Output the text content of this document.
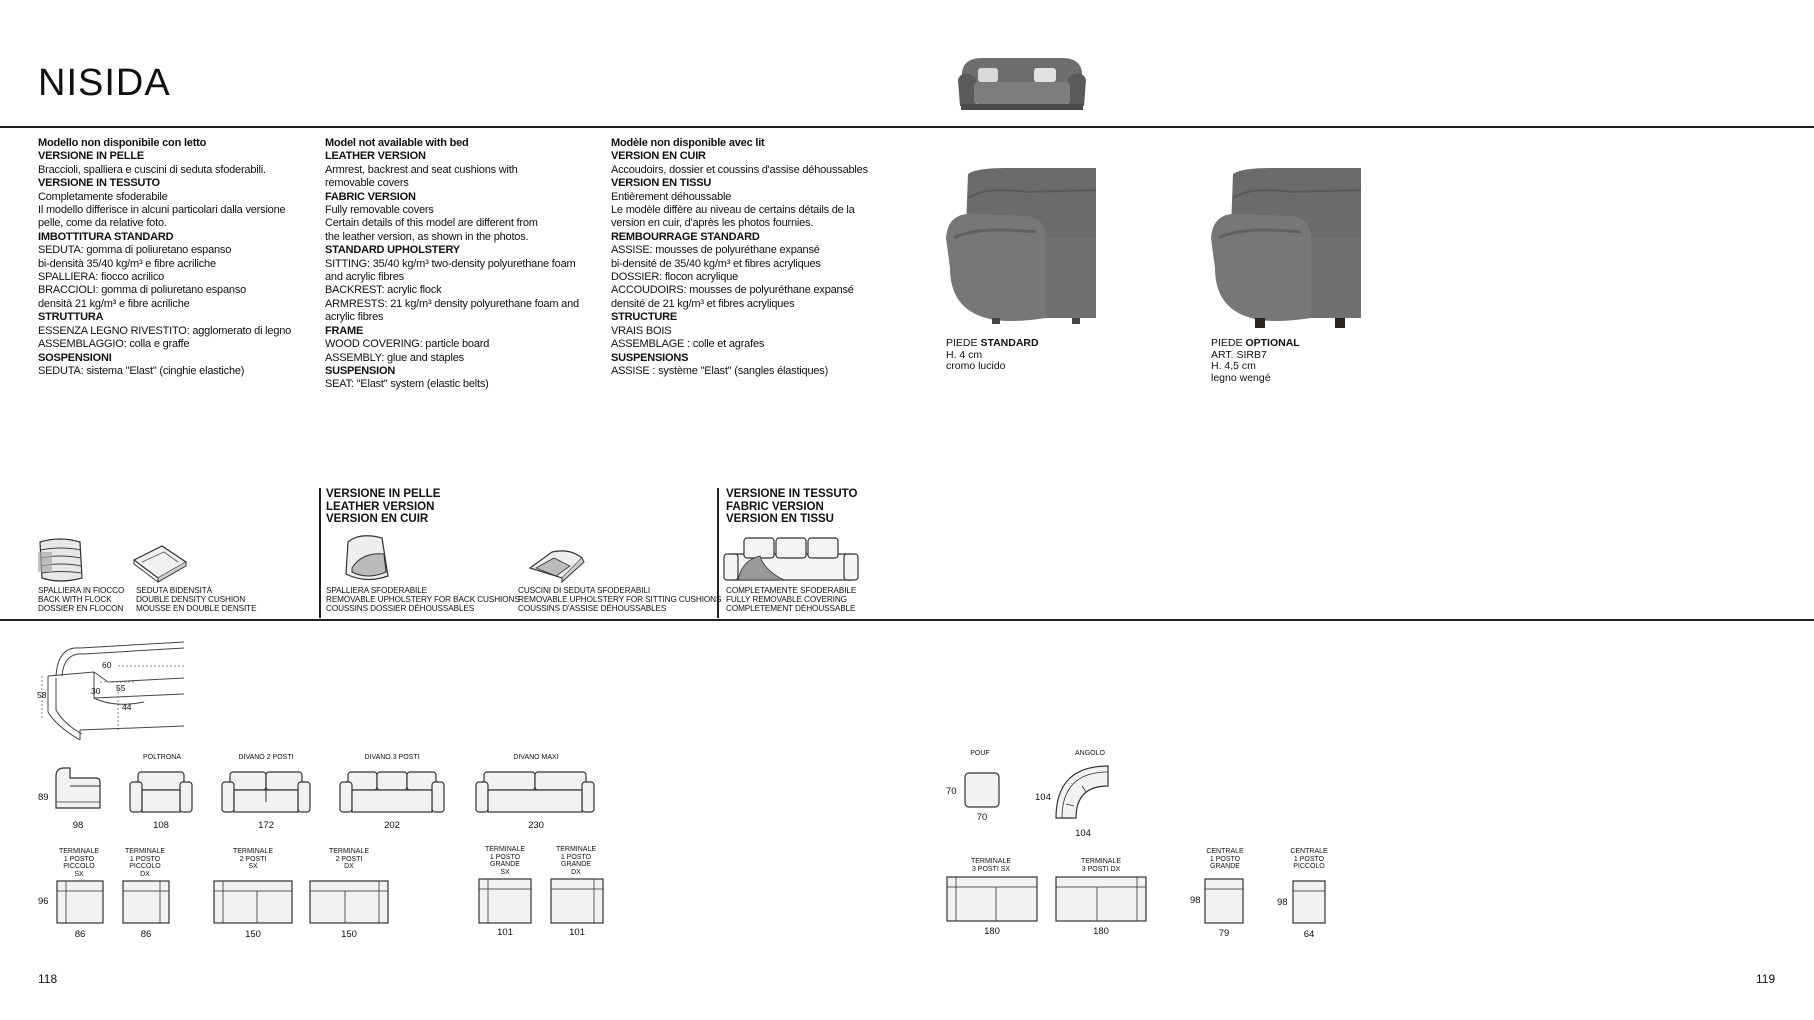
NISIDA

Modello non disponibile con letto

VERSIONE IN PELLE

Braccioli, spalliera e cuscini di seduta sfoderabili.

VERSIONE IN TESSUTO

Completamente sfoderabile
Il modello differisce in alcuni particolari dalla versione
pelle, come da relative foto.

IMBOTTITURA STANDARD

SEDUTA: gomma di poliuretano espanso
bi-densità 35/40 kg/m³ e fibre acriliche
SPALLIERA: fiocco acrilico
BRACCIOLI: gomma di poliuretano espanso
densità 21 kg/m³ e fibre acriliche

STRUTTURA

ESSENZA LEGNO RIVESTITO: agglomerato di legno
ASSEMBLAGGIO: colla e graffe

SOSPENSIONI

SEDUTA: sistema "Elast" (cinghie elastiche)

Model not available with bed

LEATHER VERSION

Armrest, backrest and seat cushions with
removable covers

FABRIC VERSION

Fully removable covers
Certain details of this model are different from
the leather version, as shown in the photos.

STANDARD UPHOLSTERY

SITTING: 35/40 kg/m³ two-density polyurethane foam
and acrylic fibres
BACKREST: acrylic flock
ARMRESTS: 21 kg/m³ density polyurethane foam and
acrylic fibres

FRAME

WOOD COVERING: particle board
ASSEMBLY: glue and staples

SUSPENSION

SEAT: "Elast" system (elastic belts)

Modèle non disponible avec lit

VERSION EN CUIR

Accoudoirs, dossier et coussins d'assise déhoussables

VERSION EN TISSU

Entièrement déhoussable
Le modèle diffère au niveau de certains détails de la
version en cuir, d'après les photos fournies.

REMBOURRAGE STANDARD

ASSISE: mousses de polyuréthane expansé
bi-densité de 35/40 kg/m³ et fibres acryliques
DOSSIER: flocon acrylique
ACCOUDOIRS: mousses de polyuréthane expansé
densité de 21 kg/m³ et fibres acryliques

STRUCTURE

VRAIS BOIS
ASSEMBLAGE : colle et agrafes

SUSPENSIONS

ASSISE : système "Elast" (sangles élastiques)

PIEDE STANDARD
H. 4 cm
cromo lucido
PIEDE OPTIONAL
ART. SIRB7
H. 4,5 cm
legno wengé
VERSIONE IN PELLE
LEATHER VERSION
VERSION EN CUIR
VERSIONE IN TESSUTO
FABRIC VERSION
VERSION EN TISSU
SPALLIERA IN FIOCCO
BACK WITH FLOCK
DOSSIER EN FLOCON
SEDUTA BIDENSITÀ
DOUBLE DENSITY CUSHION
MOUSSE EN DOUBLE DENSITE
SPALLIERA SFODERABILE
REMOVABLE UPHOLSTERY FOR BACK CUSHIONS
COUSSINS DOSSIER DÉHOUSSABLES
CUSCINI DI SEDUTA SFODERABILI
REMOVABLE UPHOLSTERY FOR SITTING CUSHIONS
COUSSINS D'ASSISE DÉHOUSSABLES
COMPLETAMENTE SFODERABILE
FULLY REMOVABLE COVERING
COMPLETEMENT DÉHOUSSABLE
60
58	30 55
44
89
98
POLTRONA
108
DIVANO 2 POSTI
172
DIVANO 3 POSTI
202
DIVANO MAXI
230
POUF
70
70
ANGOLO
104
104
TERMINALE
1 POSTO
PICCOLO
SX
TERMINALE
1 POSTO
PICCOLO
DX
TERMINALE
2 POSTI
SX
TERMINALE
2 POSTI
DX
TERMINALE
1 POSTO
GRANDE
SX
TERMINALE
1 POSTO
GRANDE
DX
TERMINALE
3 POSTI SX
TERMINALE
3 POSTI DX
CENTRALE
1 POSTO
GRANDE
CENTRALE
1 POSTO
PICCOLO
96
86	86	150	150	101	101	180	180
98
79
98
64
118	119
